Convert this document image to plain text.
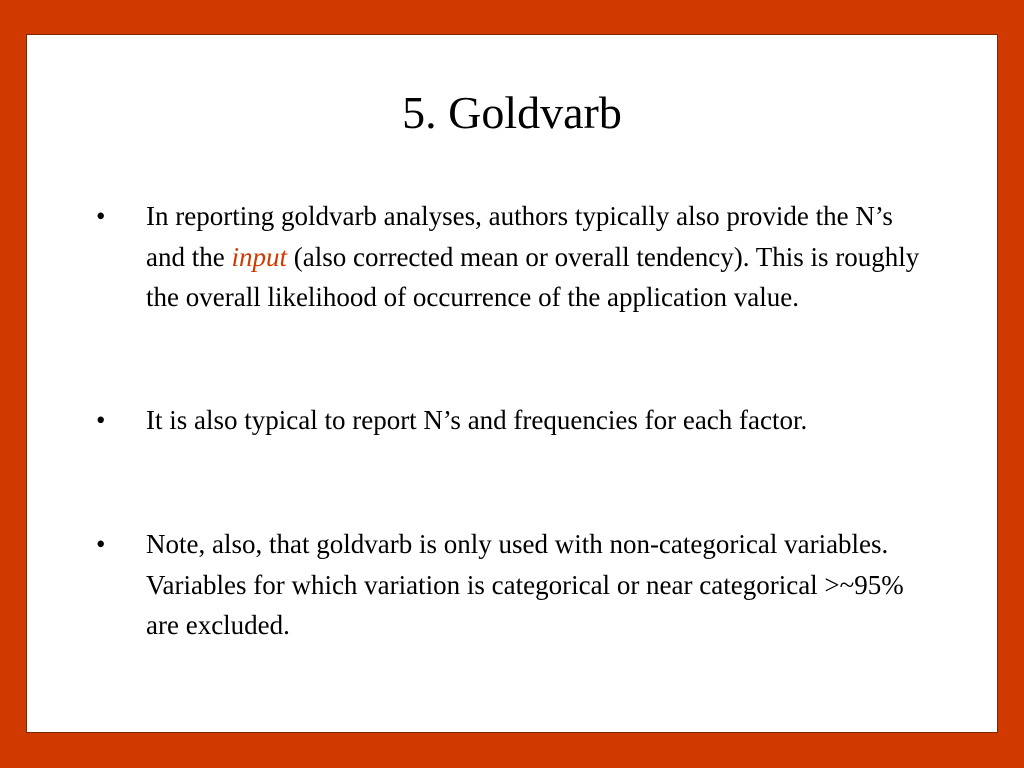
5. Goldvarb
• In reporting goldvarb analyses, authors typically also provide the N’s and the input (also corrected mean or overall tendency). This is roughly the overall likelihood of occurrence of the application value.
• It is also typical to report N’s and frequencies for each factor.
• Note, also, that goldvarb is only used with non-categorical variables. Variables for which variation is categorical or near categorical >~95% are excluded.
